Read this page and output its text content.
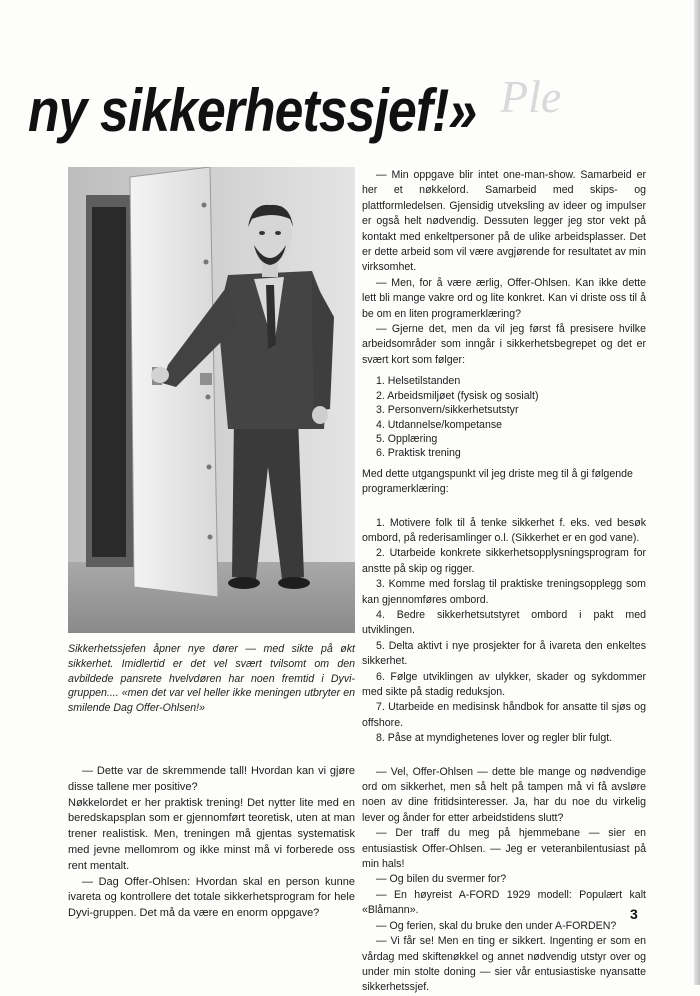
Ple
ny sikkerhetssjef!»
Sikkerhetssjefen åpner nye dører — med sikte på økt sikkerhet. Imidlertid er det vel svært tvilsomt om den avbildede pansrete hvelvdøren har noen fremtid i Dyvi-gruppen.... «men det var vel heller ikke meningen utbryter en smilende Dag Offer-Ohlsen!»

— Dette var de skremmende tall! Hvordan kan vi gjøre disse tallene mer positive?

Nøkkelordet er her praktisk trening! Det nytter lite med en beredskapsplan som er gjennomført teoretisk, uten at man trener realistisk. Men, treningen må gjentas systematisk med jevne mellomrom og ikke minst må vi forberede oss rent mentalt.

— Dag Offer-Ohlsen: Hvordan skal en person kunne ivareta og kontrollere det totale sikkerhetsprogram for hele Dyvi-gruppen. Det må da være en enorm oppgave?

— Min oppgave blir intet one-man-show. Samarbeid er her et nøkkelord. Samarbeid med skips- og plattformledelsen. Gjensidig utveksling av ideer og impulser er også helt nødvendig. Dessuten legger jeg stor vekt på kontakt med enkeltpersoner på de ulike arbeidsplasser. Det er dette arbeid som vil være avgjørende for resultatet av min virksomhet.

— Men, for å være ærlig, Offer-Ohlsen. Kan ikke dette lett bli mange vakre ord og lite konkret. Kan vi driste oss til å be om en liten programerklæring?

— Gjerne det, men da vil jeg først få presisere hvilke arbeidsområder som inngår i sikkerhetsbegrepet og det er svært kort som følger:

1. Helsetilstanden
2. Arbeidsmiljøet (fysisk og sosialt)
3. Personvern/sikkerhetsutstyr
4. Utdannelse/kompetanse
5. Opplæring
6. Praktisk trening

Med dette utgangspunkt vil jeg driste meg til å gi følgende programerklæring:

1. Motivere folk til å tenke sikkerhet f. eks. ved besøk ombord, på rederisamlinger o.l. (Sikkerhet er en god vane).

2. Utarbeide konkrete sikkerhetsopplysningsprogram for anstte på skip og rigger.

3. Komme med forslag til praktiske treningsopplegg som kan gjennomføres ombord.

4. Bedre sikkerhetsutstyret ombord i pakt med utviklingen.

5. Delta aktivt i nye prosjekter for å ivareta den enkeltes sikkerhet.

6. Følge utviklingen av ulykker, skader og sykdommer med sikte på stadig reduksjon.

7. Utarbeide en medisinsk håndbok for ansatte til sjøs og offshore.

8. Påse at myndighetenes lover og regler blir fulgt.

— Vel, Offer-Ohlsen — dette ble mange og nødvendige ord om sikkerhet, men så helt på tampen må vi få avsløre noen av dine fritidsinteresser. Ja, har du noe du virkelig lever og ånder for etter arbeidstidens slutt?

— Der traff du meg på hjemmebane — sier en entusiastisk Offer-Ohlsen. — Jeg er veteranbilentusiast på min hals!

— Og bilen du svermer for?

— En høyreist A-FORD 1929 modell: Populært kalt «Blåmann».

— Og ferien, skal du bruke den under A-FORDEN?

— Vi får se! Men en ting er sikkert. Ingenting er som en vårdag med skiftenøkkel og annet nødvendig utstyr over og under min stolte doning — sier vår entusiastiske nyansatte sikkerhetssjef.

3
